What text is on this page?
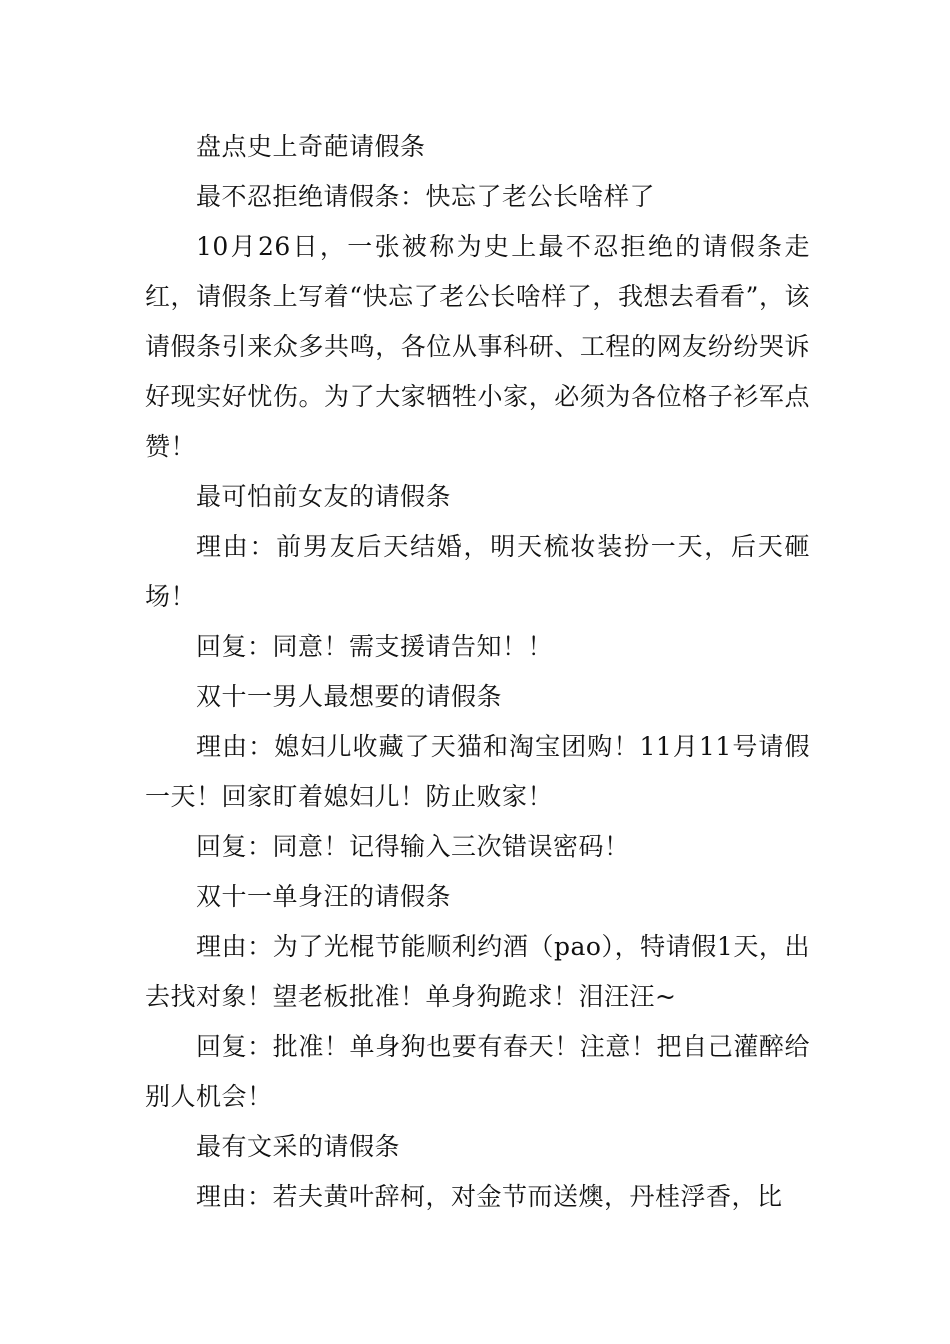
盘点史上奇葩请假条

最不忍拒绝请假条：快忘了老公长啥样了

10月26日，一张被称为史上最不忍拒绝的请假条走红，请假条上写着“快忘了老公长啥样了，我想去看看”，该请假条引来众多共鸣，各位从事科研、工程的网友纷纷哭诉好现实好忧伤。为了大家牺牲小家，必须为各位格子衫军点赞！

最可怕前女友的请假条

理由：前男友后天结婚，明天梳妆装扮一天，后天砸场！

回复：同意！需支援请告知！！

双十一男人最想要的请假条

理由：媳妇儿收藏了天猫和淘宝团购！11月11号请假一天！回家盯着媳妇儿！防止败家！

回复：同意！记得输入三次错误密码！

双十一单身汪的请假条

理由：为了光棍节能顺利约酒（pao），特请假1天，出去找对象！望老板批准！单身狗跪求！泪汪汪~

回复：批准！单身狗也要有春天！注意！把自己灌醉给别人机会！

最有文采的请假条

理由：若夫黄叶辞柯，对金节而送燠，丹桂浮香，比
